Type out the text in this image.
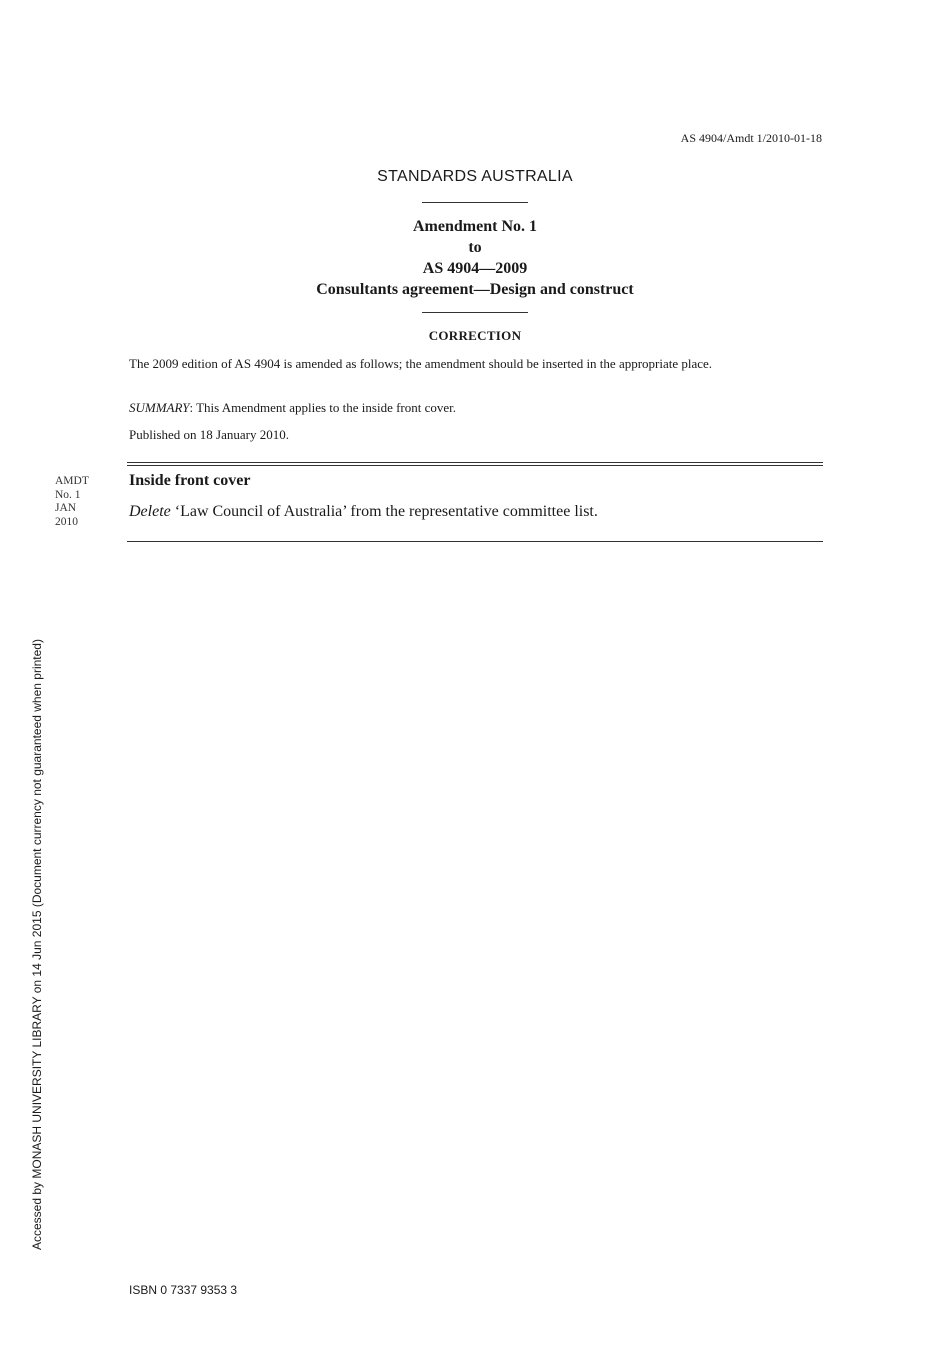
AS 4904/Amdt 1/2010-01-18
STANDARDS AUSTRALIA
Amendment No. 1
to
AS 4904—2009
Consultants agreement—Design and construct
CORRECTION
The 2009 edition of AS 4904 is amended as follows; the amendment should be inserted in the appropriate place.
SUMMARY: This Amendment applies to the inside front cover.
Published on 18 January 2010.
AMDT
No. 1
JAN
2010
Inside front cover
Delete ‘Law Council of Australia’ from the representative committee list.
Accessed by MONASH UNIVERSITY LIBRARY on 14 Jun 2015 (Document currency not guaranteed when printed)
ISBN 0 7337 9353 3
